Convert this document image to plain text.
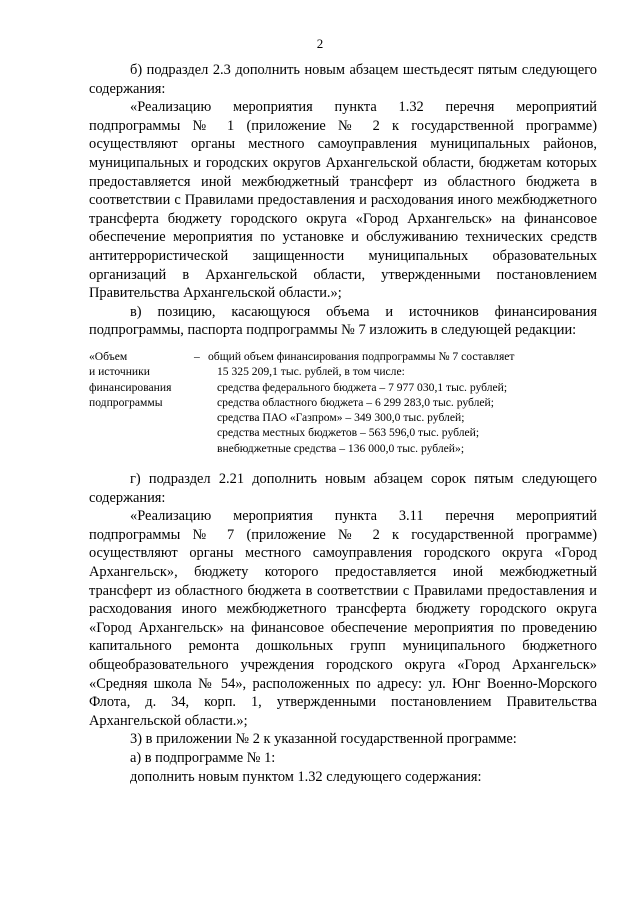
2

б) подраздел 2.3 дополнить новым абзацем шестьдесят пятым следующего содержания:

«Реализацию мероприятия пункта 1.32 перечня мероприятий подпрограммы № 1 (приложение № 2 к государственной программе) осуществляют органы местного самоуправления муниципальных районов, муниципальных и городских округов Архангельской области, бюджетам которых предоставляется иной межбюджетный трансферт из областного бюджета в соответствии с Правилами предоставления и расходования иного межбюджетного трансферта бюджету городского округа «Город Архангельск» на финансовое обеспечение мероприятия по установке и обслуживанию технических средств антитеррористической защищенности муниципальных образовательных организаций в Архангельской области, утвержденными постановлением Правительства Архангельской области.»;

в) позицию, касающуюся объема и источников финансирования подпрограммы, паспорта подпрограммы № 7 изложить в следующей редакции:

«Объем
и источники
финансирования
подпрограммы
– общий объем финансирования подпрограммы № 7 составляет
15 325 209,1 тыс. рублей, в том числе:
средства федерального бюджета – 7 977 030,1 тыс. рублей;
средства областного бюджета – 6 299 283,0 тыс. рублей;
средства ПАО «Газпром» – 349 300,0 тыс. рублей;
средства местных бюджетов – 563 596,0 тыс. рублей;
внебюджетные средства – 136 000,0 тыс. рублей»;

г) подраздел 2.21 дополнить новым абзацем сорок пятым следующего содержания:

«Реализацию мероприятия пункта 3.11 перечня мероприятий подпрограммы № 7 (приложение № 2 к государственной программе) осуществляют органы местного самоуправления городского округа «Город Архангельск», бюджету которого предоставляется иной межбюджетный трансферт из областного бюджета в соответствии с Правилами предоставления и расходования иного межбюджетного трансферта бюджету городского округа «Город Архангельск» на финансовое обеспечение мероприятия по проведению капитального ремонта дошкольных групп муниципального бюджетного общеобразовательного учреждения городского округа «Город Архангельск» «Средняя школа № 54», расположенных по адресу: ул. Юнг Военно-Морского Флота, д. 34, корп. 1, утвержденными постановлением Правительства Архангельской области.»;

3) в приложении № 2 к указанной государственной программе:

а) в подпрограмме № 1:

дополнить новым пунктом 1.32 следующего содержания:
